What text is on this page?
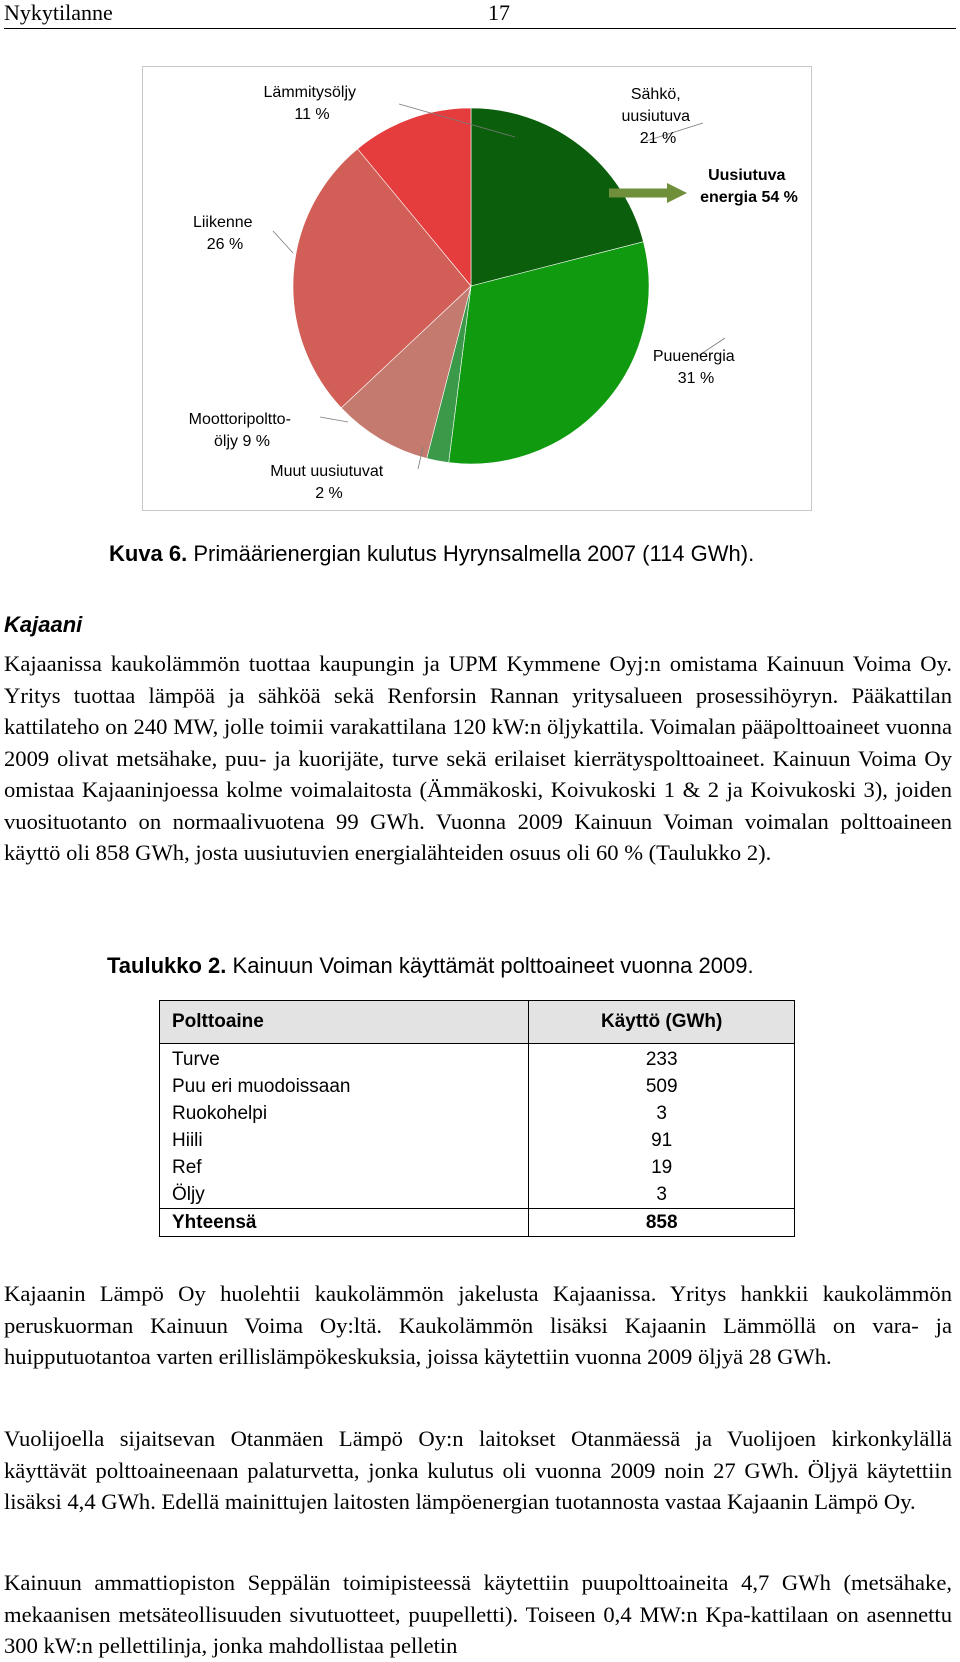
Nykytilanne	17
Lämmitysöljy 11 %
Sähkö, uusiutuva 21 %
Uusiutuva energia 54 %
Liikenne 26 %
Puuenergia 31 %
Moottoripoltto- öljy 9 %
Muut uusiutuvat 2 %
Kuva 6. Primäärienergian kulutus Hyrynsalmella 2007 (114 GWh).
Kajaani

Kajaanissa kaukolämmön tuottaa kaupungin ja UPM Kymmene Oyj:n omistama Kainuun Voima Oy. Yritys tuottaa lämpöä ja sähköä sekä Renforsin Rannan yritysalueen prosessihöyryn. Pääkattilan kattilateho on 240 MW, jolle toimii varakattilana 120 kW:n öljykattila. Voimalan pääpolttoaineet vuonna 2009 olivat metsähake, puu- ja kuorijäte, turve sekä erilaiset kierrätyspolttoaineet. Kainuun Voima Oy omistaa Kajaaninjoessa kolme voimalaitosta (Ämmäkoski, Koivukoski 1 & 2 ja Koivukoski 3), joiden vuosituotanto on normaalivuotena 99 GWh. Vuonna 2009 Kainuun Voiman voimalan polttoaineen käyttö oli 858 GWh, josta uusiutuvien energialähteiden osuus oli 60 % (Taulukko 2).

Taulukko 2. Kainuun Voiman käyttämät polttoaineet vuonna 2009.
Polttoaine	Käyttö (GWh)
Turve	233
Puu eri muodoissaan	509
Ruokohelpi	3
Hiili	91
Ref	19
Öljy	3
Yhteensä	858

Kajaanin Lämpö Oy huolehtii kaukolämmön jakelusta Kajaanissa. Yritys hankkii kaukolämmön peruskuorman Kainuun Voima Oy:ltä. Kaukolämmön lisäksi Kajaanin Lämmöllä on vara- ja huipputuotantoa varten erillislämpökeskuksia, joissa käytettiin vuonna 2009 öljyä 28 GWh.

Vuolijoella sijaitsevan Otanmäen Lämpö Oy:n laitokset Otanmäessä ja Vuolijoen kirkonkylällä käyttävät polttoaineenaan palaturvetta, jonka kulutus oli vuonna 2009 noin 27 GWh. Öljyä käytettiin lisäksi 4,4 GWh. Edellä mainittujen laitosten lämpöenergian tuotannosta vastaa Kajaanin Lämpö Oy.

Kainuun ammattiopiston Seppälän toimipisteessä käytettiin puupolttoaineita 4,7 GWh (metsähake, mekaanisen metsäteollisuuden sivutuotteet, puupelletti). Toiseen 0,4 MW:n Kpa-kattilaan on asennettu 300 kW:n pellettilinja, jonka mahdollistaa pelletin
